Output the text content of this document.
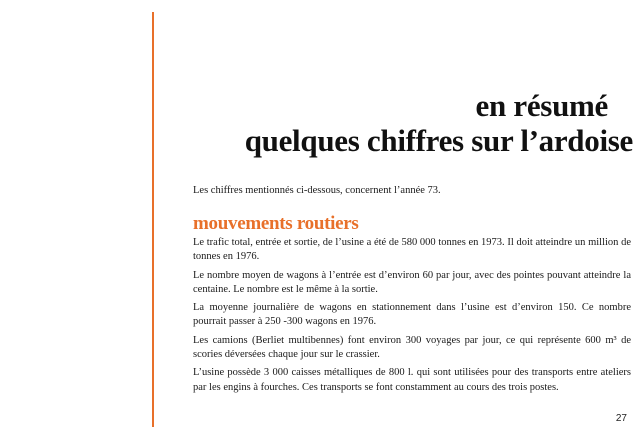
en résumé
quelques chiffres sur l’ardoise
Les chiffres mentionnés ci-dessous, concernent l’année 73.
mouvements routiers

Le trafic total, entrée et sortie, de l’usine a été de 580 000 tonnes en 1973. Il doit atteindre un million de tonnes en 1976.

Le nombre moyen de wagons à l’entrée est d’environ 60 par jour, avec des pointes pouvant atteindre la centaine. Le nombre est le même à la sortie.

La moyenne journalière de wagons en stationnement dans l’usine est d’environ 150. Ce nombre pourrait passer à 250 -300 wagons en 1976.

Les camions (Berliet multibennes) font environ 300 voyages par jour, ce qui représente 600 m³ de scories déversées chaque jour sur le crassier.

L’usine possède 3 000 caisses métalliques de 800 l. qui sont utilisées pour des transports entre ateliers par les engins à fourches. Ces transports se font constamment au cours des trois postes.

27
